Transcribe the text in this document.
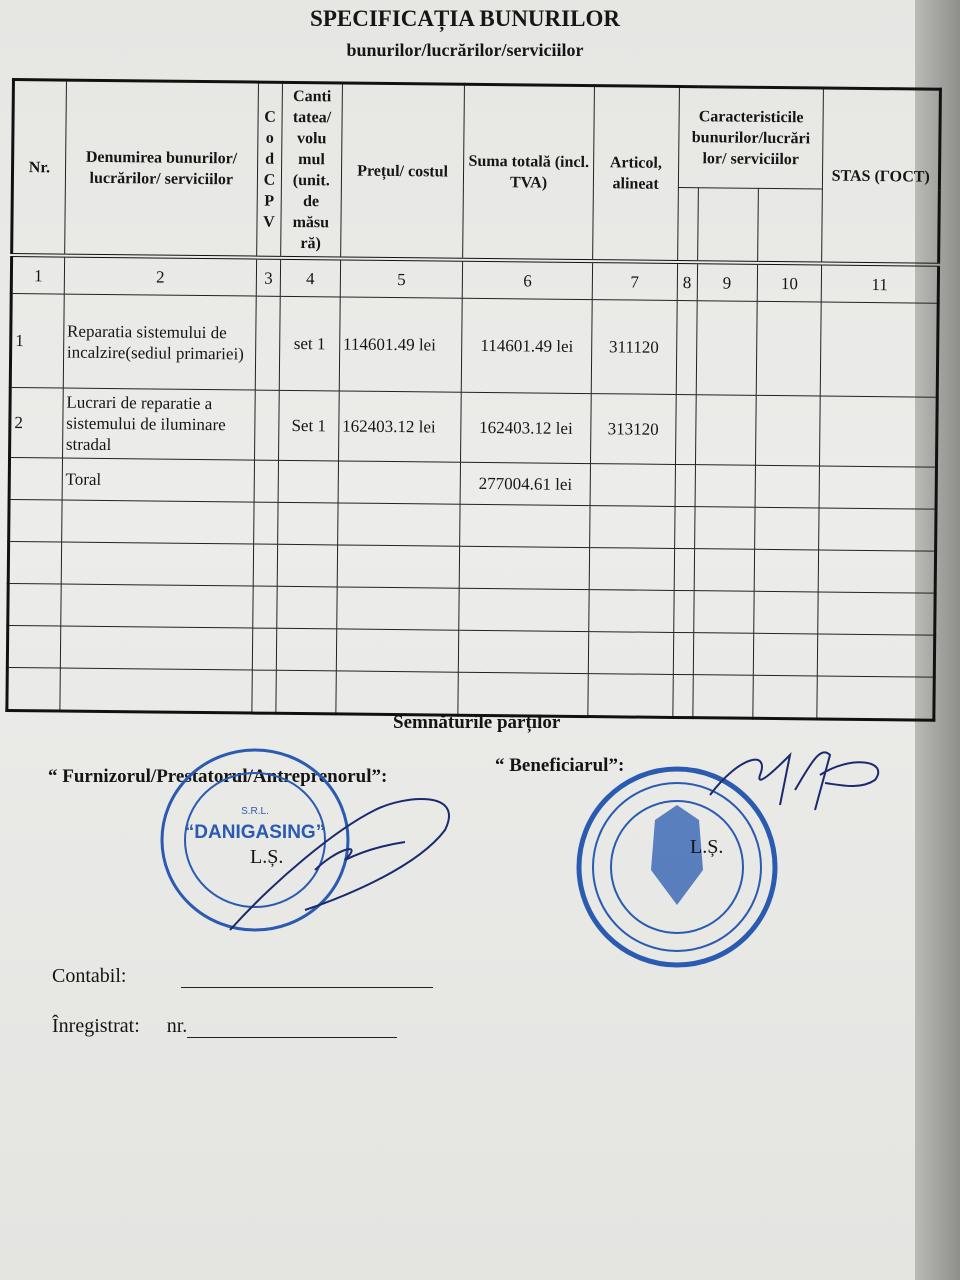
SPECIFICAȚIA BUNURILOR
bunurilor/lucrărilor/serviciilor
Nr.	Denumirea bunurilor/ lucrărilor/ serviciilor	C o d C P V	Canti tatea/ volu mul (unit. de măsu ră)	Prețul/ costul	Suma totală (incl. TVA)	Articol, alineat	Caracteristicile bunurilor/lucrări lor/ serviciilor			STAS (ГОСТ)

1	2	3	4	5	6	7	8	9	10	11
1	Reparatia sistemului de incalzire(sediul primariei)		set 1	114601.49 lei	114601.49 lei	311120				
2	Lucrari de reparatie a sistemului de iluminare stradal		Set 1	162403.12 lei	162403.12 lei	313120				
	Toral				277004.61 lei					

Semnăturile părților
“ Furnizorul/Prestatorul/Antreprenorul”:
“ Beneficiarul”:
S.R.L.
“DANIGASING”
L.Ș.	L.Ș.
Contabil:
Înregistrat: nr.
